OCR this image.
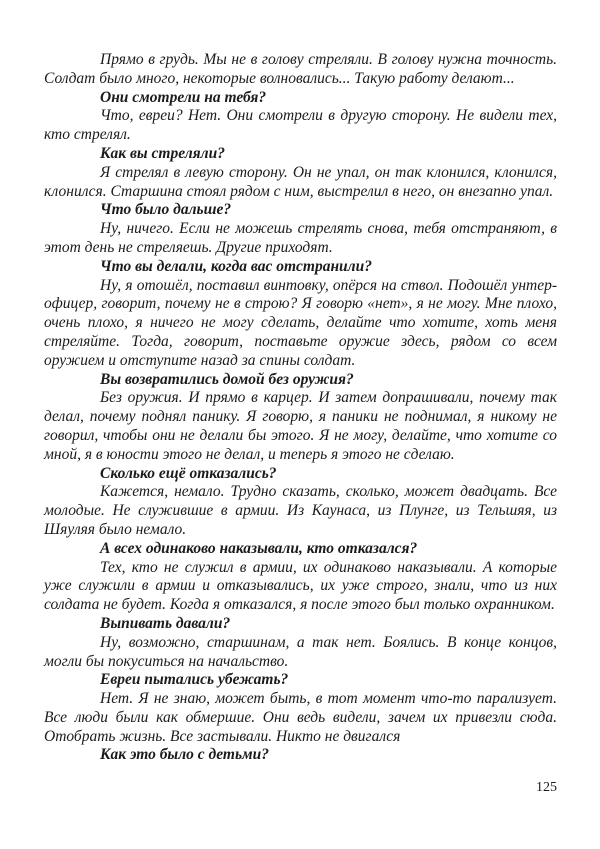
Прямо в грудь. Мы не в голову стреляли. В голову нужна точность. Солдат было много, некоторые волновались... Такую работу делают...

Они смотрели на тебя?

Что, евреи? Нет. Они смотрели в другую сторону. Не видели тех, кто стрелял.

Как вы стреляли?

Я стрелял в левую сторону. Он не упал, он так клонился, клонился, клонился. Старшина стоял рядом с ним, выстрелил в него, он внезапно упал.

Что было дальше?

Ну, ничего. Если не можешь стрелять снова, тебя отстраняют, в этот день не стреляешь. Другие приходят.

Что вы делали, когда вас отстранили?

Ну, я отошёл, поставил винтовку, опёрся на ствол. Подошёл унтер-офицер, говорит, почему не в строю? Я говорю «нет», я не могу. Мне плохо, очень плохо, я ничего не могу сделать, делайте что хотите, хоть меня стреляйте. Тогда, говорит, поставьте оружие здесь, рядом со всем оружием и отступите назад за спины солдат.

Вы возвратились домой без оружия?

Без оружия. И прямо в карцер. И затем допрашивали, почему так делал, почему поднял панику. Я говорю, я паники не поднимал, я никому не говорил, чтобы они не делали бы этого. Я не могу, делайте, что хотите со мной, я в юности этого не делал, и теперь я этого не сделаю.

Сколько ещё отказались?

Кажется, немало. Трудно сказать, сколько, может двадцать. Все молодые. Не служившие в армии. Из Каунаса, из Плунге, из Тельшяя, из Шяуляя было немало.

А всех одинаково наказывали, кто отказался?

Тех, кто не служил в армии, их одинаково наказывали. А которые уже служили в армии и отказывались, их уже строго, знали, что из них солдата не будет. Когда я отказался, я после этого был только охранником.

Выпивать давали?

Ну, возможно, старшинам, а так нет. Боялись. В конце концов, могли бы покуситься на начальство.

Евреи пытались убежать?

Нет. Я не знаю, может быть, в тот момент что-то парализует. Все люди были как обмершие. Они ведь видели, зачем их привезли сюда. Отобрать жизнь. Все застывали. Никто не двигался

Как это было с детьми?

125
